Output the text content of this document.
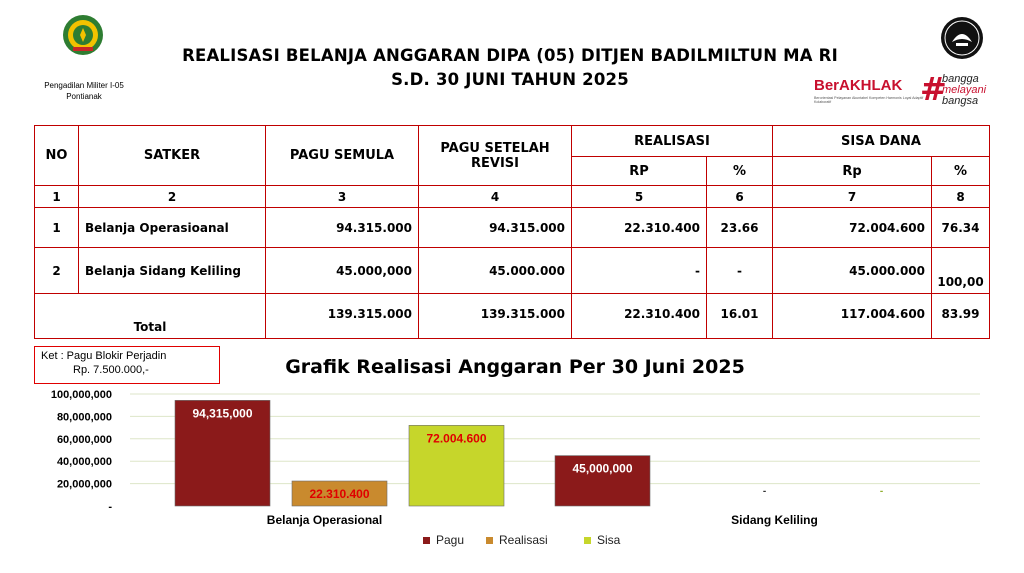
Pengadilan Militer I-05
Pontianak
REALISASI BELANJA ANGGARAN DIPA (05) DITJEN BADILMILTUN MA RI
S.D. 30 JUNI TAHUN 2025	BerAKHLAK
Berorientasi Pelayanan Akuntabel Kompeten Harmonis Loyal Adaptif Kolaboratif	#
bangga
melayani
bangsa
NO	SATKER	PAGU SEMULA	PAGU SETELAH
REVISI	REALISASI		SISA DANA	
				RP	%	Rp	%
1	2	3	4	5	6	7	8
1	Belanja Operasioanal	94.315.000	94.315.000	22.310.400	23.66	72.004.600	76.34
2	Belanja Sidang Keliling	45.000,000	45.000.000	-	-	45.000.000	100,00
Total		139.315.000	139.315.000	22.310.400	16.01	117.004.600	83.99
Ket : Pagu Blokir Perjadin
Rp. 7.500.000,-	Grafik Realisasi Anggaran Per 30 Juni 2025
-
20,000,000
40,000,000
60,000,000
80,000,000
100,000,000
94,315,000
22.310.400
72.004.600
Belanja Operasional
45,000,000
-	-
Sidang Keliling
Pagu	Realisasi	Sisa
